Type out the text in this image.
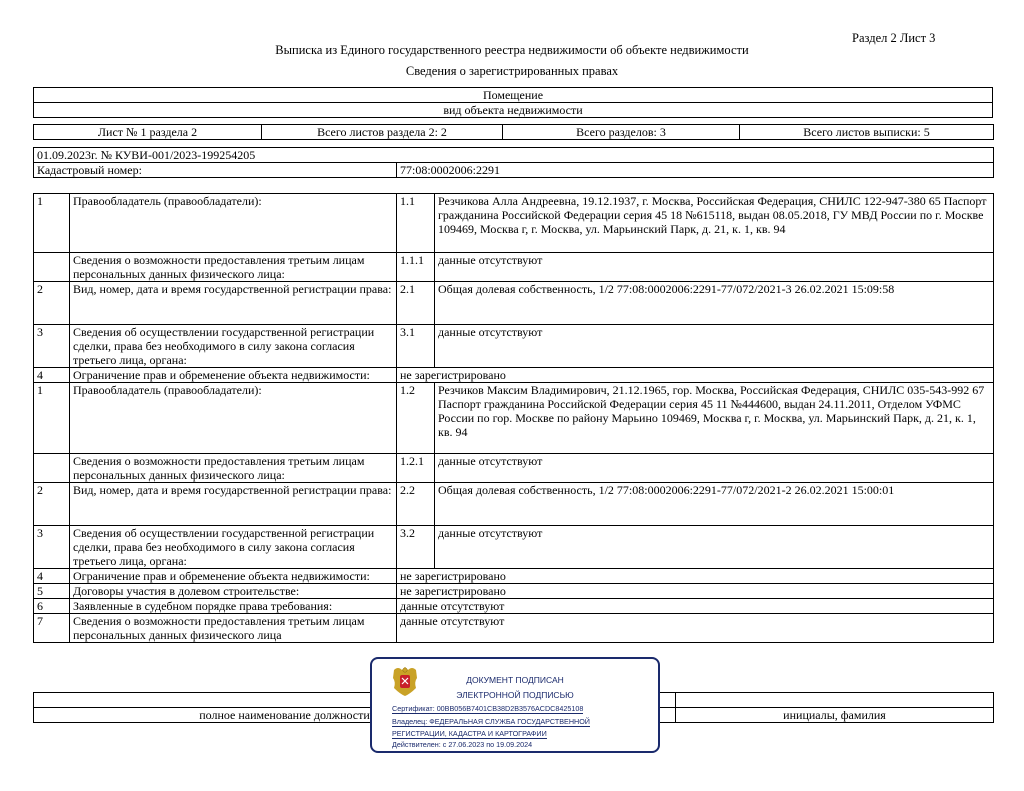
Раздел 2 Лист 3
Выписка из Единого государственного реестра недвижимости об объекте недвижимости
Сведения о зарегистрированных правах
Помещение
вид объекта недвижимости
Лист № 1 раздела 2	Всего листов раздела 2: 2	Всего разделов: 3	Всего листов выписки: 5
01.09.2023г. № КУВИ-001/2023-199254205
Кадастровый номер:	77:08:0002006:2291
1	Правообладатель (правообладатели):	1.1	Резчикова Алла Андреевна, 19.12.1937, г. Москва, Российская Федерация, СНИЛС 122-947-380 65 Паспорт гражданина Российской Федерации серия 45 18 №615118, выдан 08.05.2018, ГУ МВД России по г. Москве 109469, Москва г, г. Москва, ул. Марьинский Парк, д. 21, к. 1, кв. 94
	Сведения о возможности предоставления третьим лицам персональных данных физического лица:	1.1.1	данные отсутствуют
2	Вид, номер, дата и время государственной регистрации права:	2.1	Общая долевая собственность, 1/2 77:08:0002006:2291-77/072/2021-3 26.02.2021 15:09:58
3	Сведения об осуществлении государственной регистрации сделки, права без необходимого в силу закона согласия третьего лица, органа:	3.1	данные отсутствуют
4	Ограничение прав и обременение объекта недвижимости:	не зарегистрировано	
1	Правообладатель (правообладатели):	1.2	Резчиков Максим Владимирович, 21.12.1965, гор. Москва, Российская Федерация, СНИЛС 035-543-992 67 Паспорт гражданина Российской Федерации серия 45 11 №444600, выдан 24.11.2011, Отделом УФМС России по гор. Москве по району Марьино 109469, Москва г, г. Москва, ул. Марьинский Парк, д. 21, к. 1, кв. 94
	Сведения о возможности предоставления третьим лицам персональных данных физического лица:	1.2.1	данные отсутствуют
2	Вид, номер, дата и время государственной регистрации права:	2.2	Общая долевая собственность, 1/2 77:08:0002006:2291-77/072/2021-2 26.02.2021 15:00:01
3	Сведения об осуществлении государственной регистрации сделки, права без необходимого в силу закона согласия третьего лица, органа:	3.2	данные отсутствуют
4	Ограничение прав и обременение объекта недвижимости:	не зарегистрировано	
5	Договоры участия в долевом строительстве:	не зарегистрировано	
6	Заявленные в судебном порядке права требования:	данные отсутствуют	
7	Сведения о возможности предоставления третьим лицам персональных данных физического лица	данные отсутствуют	

полное наименование должности		инициалы, фамилия
ДОКУМЕНТ ПОДПИСАН
ЭЛЕКТРОННОЙ ПОДПИСЬЮ
Сертификат: 00BB056B7401CB38D2B3576ACDC8425108
Владелец: ФЕДЕРАЛЬНАЯ СЛУЖБА ГОСУДАРСТВЕННОЙ
РЕГИСТРАЦИИ, КАДАСТРА И КАРТОГРАФИИ
Действителен: с 27.06.2023 по 19.09.2024
